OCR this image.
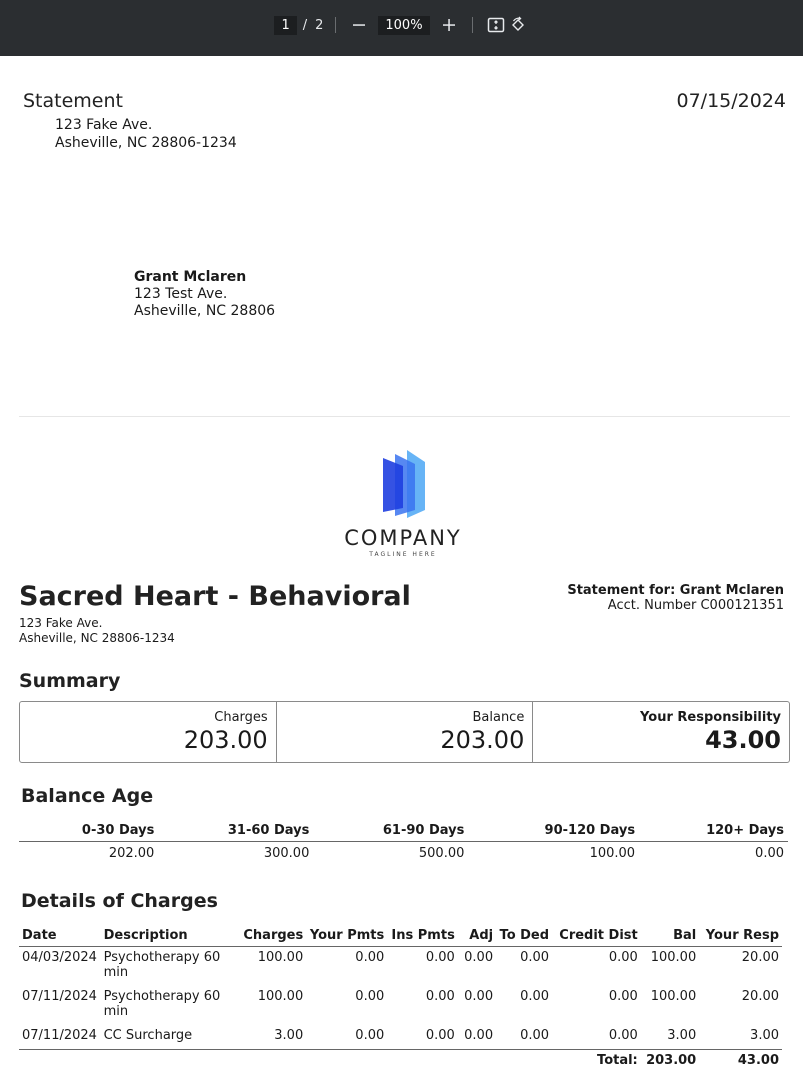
1	/ 2	100%
Statement	07/15/2024
123 Fake Ave.
Asheville, NC 28806-1234
Grant Mclaren
123 Test Ave.
Asheville, NC 28806
COMPANY
TAGLINE HERE
Sacred Heart - Behavioral
123 Fake Ave.
Asheville, NC 28806-1234
Statement for: Grant Mclaren
Acct. Number C000121351
Summary
Charges
203.00
Balance
203.00
Your Responsibility
43.00
Balance Age
0-30 Days	31-60 Days	61-90 Days	90-120 Days	120+ Days
202.00	300.00	500.00	100.00	0.00
Details of Charges
Date	Description	Charges	Your Pmts	Ins Pmts	Adj	To Ded	Credit Dist	Bal	Your Resp
04/03/2024	Psychotherapy 60 min	100.00	0.00	0.00	0.00	0.00	0.00	100.00	20.00
07/11/2024	Psychotherapy 60 min	100.00	0.00	0.00	0.00	0.00	0.00	100.00	20.00
07/11/2024	CC Surcharge	3.00	0.00	0.00	0.00	0.00	0.00	3.00	3.00
Total:								203.00	43.00
